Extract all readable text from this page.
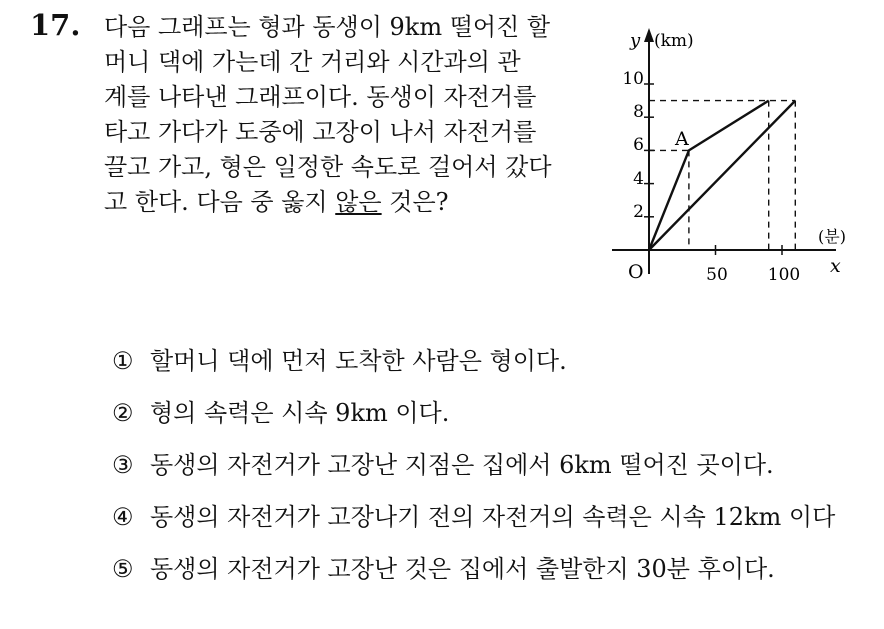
17. 다음 그래프는 형과 동생이 9km 떨어진 할
머니 댁에 가는데 간 거리와 시간과의 관
계를 나타낸 그래프이다. 동생이 자전거를
타고 가다가 도중에 고장이 나서 자전거를
끌고 가고, 형은 일정한 속도로 걸어서 갔다
고 한다. 다음 중 옳지 않은 것은?
y (km)
(분)
x
O
A
10
8
6
4
2
50 100
① 할머니 댁에 먼저 도착한 사람은 형이다.
② 형의 속력은 시속 9km 이다.
③ 동생의 자전거가 고장난 지점은 집에서 6km 떨어진 곳이다.
④ 동생의 자전거가 고장나기 전의 자전거의 속력은 시속 12km 이다
⑤ 동생의 자전거가 고장난 것은 집에서 출발한지 30분 후이다.
